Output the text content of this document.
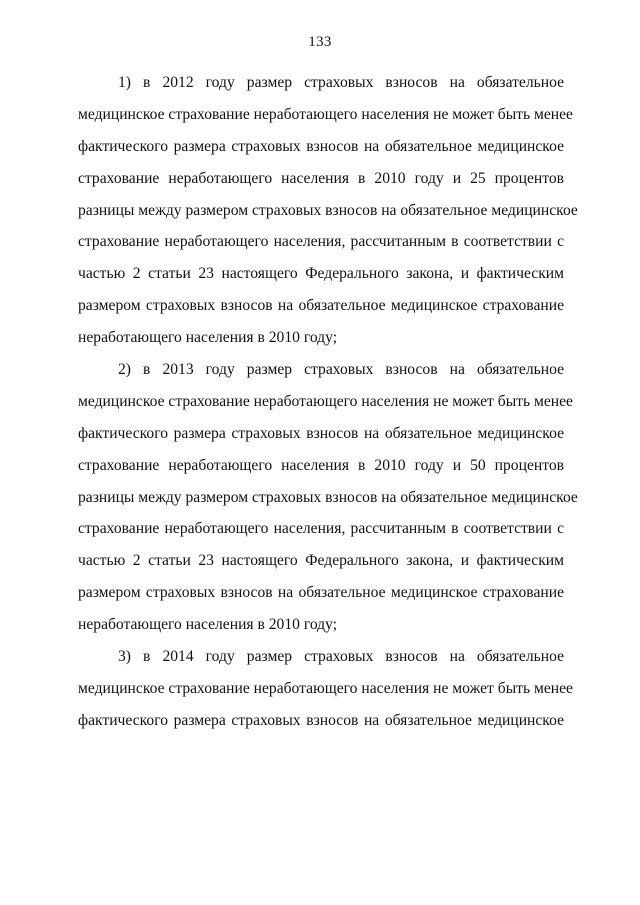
133
1) в 2012 году размер страховых взносов на обязательное
медицинское страхование неработающего населения не может быть менее
фактического размера страховых взносов на обязательное медицинское
страхование неработающего населения в 2010 году и 25 процентов
разницы между размером страховых взносов на обязательное медицинское
страхование неработающего населения, рассчитанным в соответствии с
частью 2 статьи 23 настоящего Федерального закона, и фактическим
размером страховых взносов на обязательное медицинское страхование
неработающего населения в 2010 году;
2) в 2013 году размер страховых взносов на обязательное
медицинское страхование неработающего населения не может быть менее
фактического размера страховых взносов на обязательное медицинское
страхование неработающего населения в 2010 году и 50 процентов
разницы между размером страховых взносов на обязательное медицинское
страхование неработающего населения, рассчитанным в соответствии с
частью 2 статьи 23 настоящего Федерального закона, и фактическим
размером страховых взносов на обязательное медицинское страхование
неработающего населения в 2010 году;
3) в 2014 году размер страховых взносов на обязательное
медицинское страхование неработающего населения не может быть менее
фактического размера страховых взносов на обязательное медицинское
